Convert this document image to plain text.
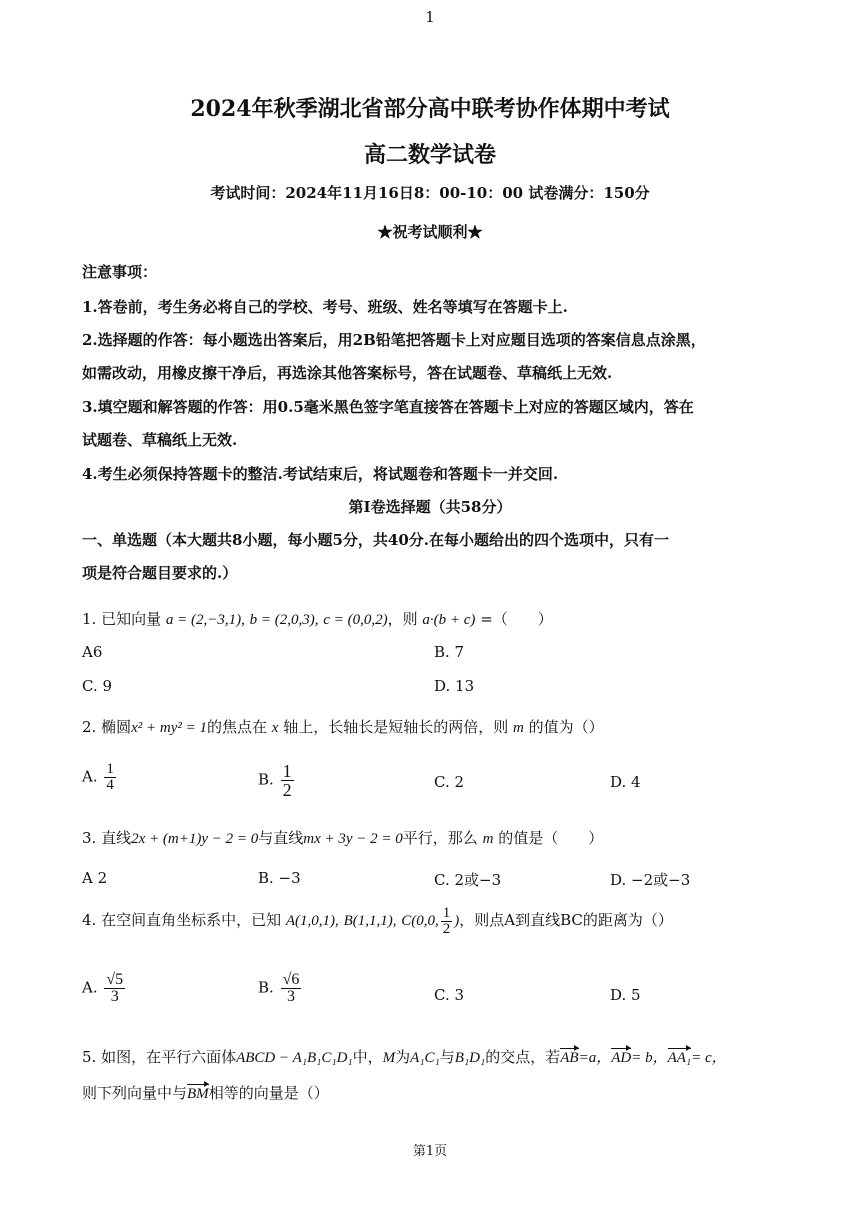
1
2024年秋季湖北省部分高中联考协作体期中考试
高二数学试卷
考试时间：2024年11月16日8：00-10：00 试卷满分：150分
★祝考试顺利★
注意事项：
1.答卷前，考生务必将自己的学校、考号、班级、姓名等填写在答题卡上.
2.选择题的作答：每小题选出答案后，用2B铅笔把答题卡上对应题目选项的答案信息点涂黑，
如需改动，用橡皮擦干净后，再选涂其他答案标号，答在试题卷、草稿纸上无效.
3.填空题和解答题的作答：用0.5毫米黑色签字笔直接答在答题卡上对应的答题区域内，答在
试题卷、草稿纸上无效.
4.考生必须保持答题卡的整洁.考试结束后，将试题卷和答题卡一并交回.
第Ⅰ卷选择题（共58分）
一、单选题（本大题共8小题，每小题5分，共40分.在每小题给出的四个选项中，只有一
项是符合题目要求的.）
1. 已知向量 a = (2,−3,1), b = (2,0,3), c = (0,0,2)，则 a·(b + c) =（　　）
A6	B. 7
C. 9	D. 13
2. 椭圆x² + my² = 1的焦点在 x 轴上，长轴长是短轴长的两倍，则 m 的值为（）
A. $\frac{1}{4}$	B. $\frac{1}{2}$	C. 2	D. 4
3. 直线2x + (m+1)y − 2 = 0与直线mx + 3y − 2 = 0平行，那么 m 的值是（　　）
A 2	B. −3	C. 2或−3	D. −2或−3
4. 在空间直角坐标系中，已知 A(1,0,1), B(1,1,1), C(0,0, $\frac{1}{2}$ )，则点A到直线BC的距离为（）
A. $\frac{√5}{3}$	B. $\frac{√6}{3}$	C. 3	D. 5
5. 如图，在平行六面体ABCD − A₁B₁C₁D₁中，M为A₁C₁与B₁D₁的交点，若AB=a，AD= b，AA₁= c，
则下列向量中与BM相等的向量是（）
第1页
